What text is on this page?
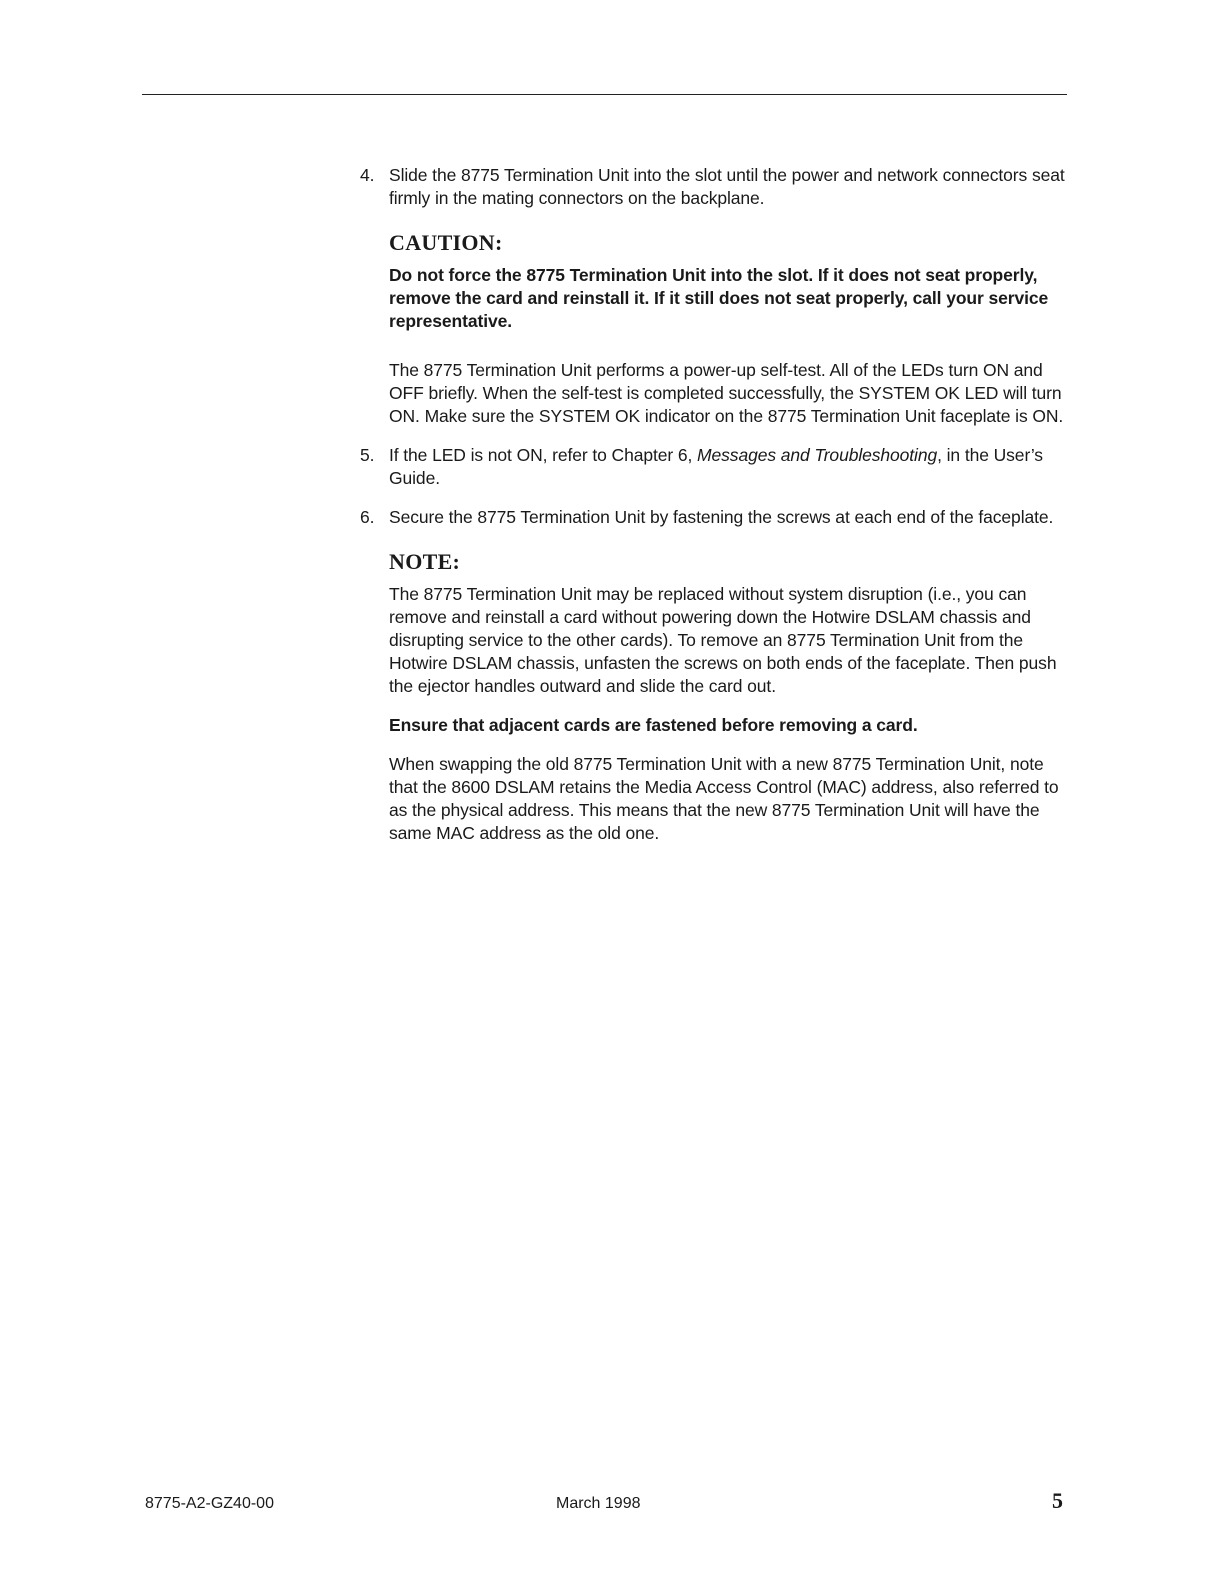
4. Slide the 8775 Termination Unit into the slot until the power and network connectors seat firmly in the mating connectors on the backplane.
CAUTION:
Do not force the 8775 Termination Unit into the slot. If it does not seat properly, remove the card and reinstall it. If it still does not seat properly, call your service representative.
The 8775 Termination Unit performs a power-up self-test. All of the LEDs turn ON and OFF briefly. When the self-test is completed successfully, the SYSTEM OK LED will turn ON. Make sure the SYSTEM OK indicator on the 8775 Termination Unit faceplate is ON.
5. If the LED is not ON, refer to Chapter 6, Messages and Troubleshooting, in the User’s Guide.
6. Secure the 8775 Termination Unit by fastening the screws at each end of the faceplate.
NOTE:
The 8775 Termination Unit may be replaced without system disruption (i.e., you can remove and reinstall a card without powering down the Hotwire DSLAM chassis and disrupting service to the other cards). To remove an 8775 Termination Unit from the Hotwire DSLAM chassis, unfasten the screws on both ends of the faceplate. Then push the ejector handles outward and slide the card out.
Ensure that adjacent cards are fastened before removing a card.
When swapping the old 8775 Termination Unit with a new 8775 Termination Unit, note that the 8600 DSLAM retains the Media Access Control (MAC) address, also referred to as the physical address. This means that the new 8775 Termination Unit will have the same MAC address as the old one.
8775-A2-GZ40-00	March 1998	5
